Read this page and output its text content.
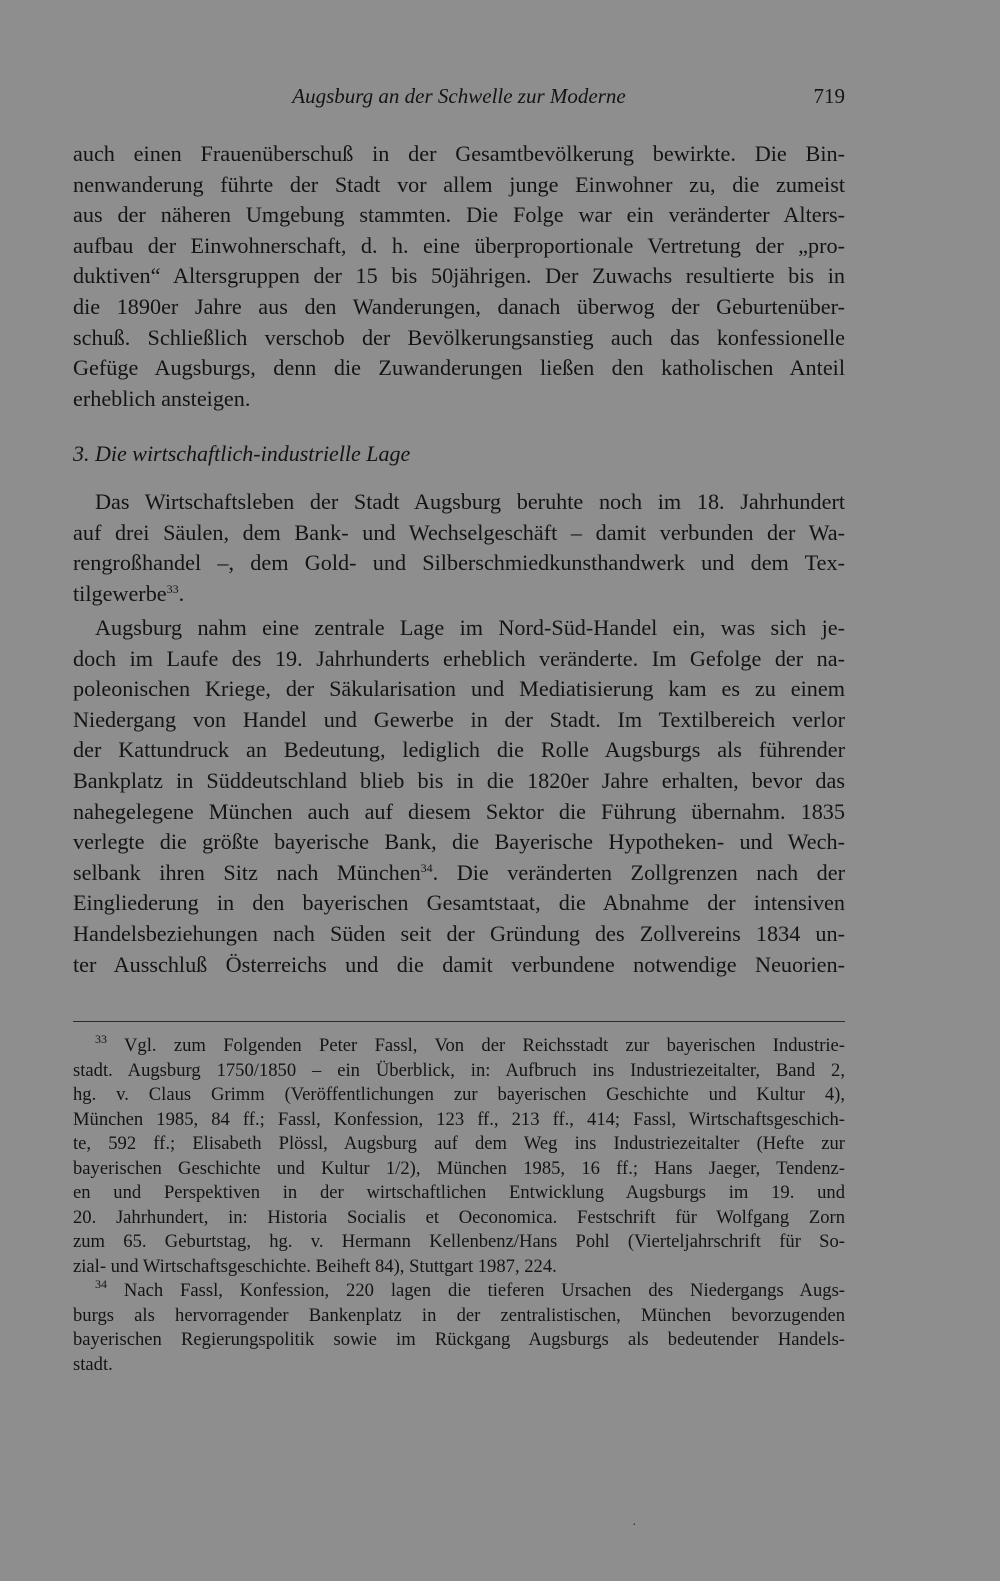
Augsburg an der Schwelle zur Moderne	719
auch einen Frauenüberschuß in der Gesamtbevölkerung bewirkte. Die Bin-
nenwanderung führte der Stadt vor allem junge Einwohner zu, die zumeist
aus der näheren Umgebung stammten. Die Folge war ein veränderter Alters-
aufbau der Einwohnerschaft, d. h. eine überproportionale Vertretung der „pro-
duktiven“ Altersgruppen der 15 bis 50jährigen. Der Zuwachs resultierte bis in
die 1890er Jahre aus den Wanderungen, danach überwog der Geburtenüber-
schuß. Schließlich verschob der Bevölkerungsanstieg auch das konfessionelle
Gefüge Augsburgs, denn die Zuwanderungen ließen den katholischen Anteil
erheblich ansteigen.
3. Die wirtschaftlich-industrielle Lage
Das Wirtschaftsleben der Stadt Augsburg beruhte noch im 18. Jahrhundert
auf drei Säulen, dem Bank- und Wechselgeschäft – damit verbunden der Wa-
rengroßhandel –, dem Gold- und Silberschmiedkunsthandwerk und dem Tex-
tilgewerbe$^{33}$.
Augsburg nahm eine zentrale Lage im Nord-Süd-Handel ein, was sich je-
doch im Laufe des 19. Jahrhunderts erheblich veränderte. Im Gefolge der na-
poleonischen Kriege, der Säkularisation und Mediatisierung kam es zu einem
Niedergang von Handel und Gewerbe in der Stadt. Im Textilbereich verlor
der Kattundruck an Bedeutung, lediglich die Rolle Augsburgs als führender
Bankplatz in Süddeutschland blieb bis in die 1820er Jahre erhalten, bevor das
nahegelegene München auch auf diesem Sektor die Führung übernahm. 1835
verlegte die größte bayerische Bank, die Bayerische Hypotheken- und Wech-
selbank ihren Sitz nach München$^{34}$. Die veränderten Zollgrenzen nach der
Eingliederung in den bayerischen Gesamtstaat, die Abnahme der intensiven
Handelsbeziehungen nach Süden seit der Gründung des Zollvereins 1834 un-
ter Ausschluß Österreichs und die damit verbundene notwendige Neuorien-
$^{33}$ Vgl. zum Folgenden Peter Fassl, Von der Reichsstadt zur bayerischen Industrie-
stadt. Augsburg 1750/1850 – ein Überblick, in: Aufbruch ins Industriezeitalter, Band 2,
hg. v. Claus Grimm (Veröffentlichungen zur bayerischen Geschichte und Kultur 4),
München 1985, 84 ff.; Fassl, Konfession, 123 ff., 213 ff., 414; Fassl, Wirtschaftsgeschich-
te, 592 ff.; Elisabeth Plössl, Augsburg auf dem Weg ins Industriezeitalter (Hefte zur
bayerischen Geschichte und Kultur 1/2), München 1985, 16 ff.; Hans Jaeger, Tendenz-
en und Perspektiven in der wirtschaftlichen Entwicklung Augsburgs im 19. und
20. Jahrhundert, in: Historia Socialis et Oeconomica. Festschrift für Wolfgang Zorn
zum 65. Geburtstag, hg. v. Hermann Kellenbenz/Hans Pohl (Vierteljahrschrift für So-
zial- und Wirtschaftsgeschichte. Beiheft 84), Stuttgart 1987, 224.
$^{34}$ Nach Fassl, Konfession, 220 lagen die tieferen Ursachen des Niedergangs Augs-
burgs als hervorragender Bankenplatz in der zentralistischen, München bevorzugenden
bayerischen Regierungspolitik sowie im Rückgang Augsburgs als bedeutender Handels-
stadt.
·
